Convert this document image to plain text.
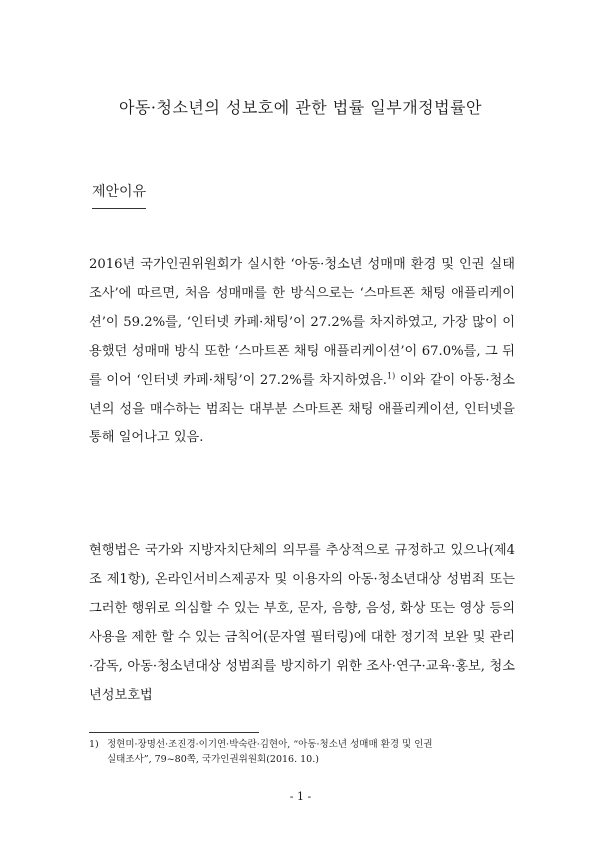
아동·청소년의 성보호에 관한 법률 일부개정법률안
제안이유

2016년 국가인권위원회가 실시한 ‘아동·청소년 성매매 환경 및 인권 실태조사’에 따르면, 처음 성매매를 한 방식으로는 ‘스마트폰 채팅 애플리케이션’이 59.2%를, ‘인터넷 카페·채팅’이 27.2%를 차지하였고, 가장 많이 이용했던 성매매 방식 또한 ‘스마트폰 채팅 애플리케이션’이 67.0%를, 그 뒤를 이어 ‘인터넷 카페·채팅’이 27.2%를 차지하였음.$^{1)}$ 이와 같이 아동·청소년의 성을 매수하는 범죄는 대부분 스마트폰 채팅 애플리케이션, 인터넷을 통해 일어나고 있음.

현행법은 국가와 지방자치단체의 의무를 추상적으로 규정하고 있으나(제4조 제1항), 온라인서비스제공자 및 이용자의 아동·청소년대상 성범죄 또는 그러한 행위로 의심할 수 있는 부호, 문자, 음향, 음성, 화상 또는 영상 등의 사용을 제한 할 수 있는 금칙어(문자열 필터링)에 대한 정기적 보완 및 관리·감독, 아동·청소년대상 성범죄를 방지하기 위한 조사·연구·교육·홍보, 청소년성보호법

1) 정현미·장명선·조진경·이기연·박숙란·김현아, “아동·청소년 성매매 환경 및 인권
실태조사”, 79~80쪽, 국가인권위원회(2016. 10.)
- 1 -
